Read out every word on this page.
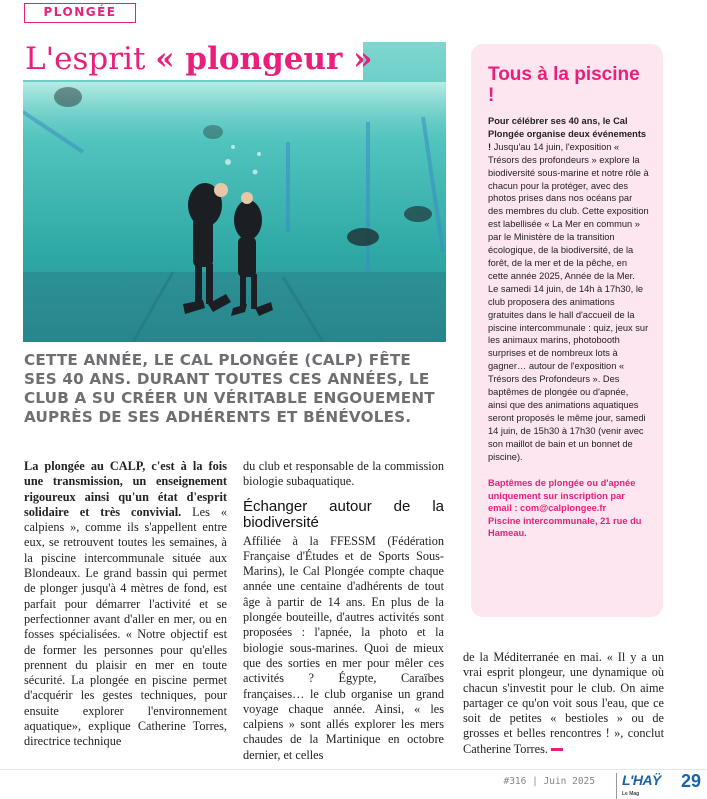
PLONGÉE
L'esprit « plongeur »
CETTE ANNÉE, LE CAL PLONGÉE (CALP) FÊTE SES 40 ANS. DURANT TOUTES CES ANNÉES, LE CLUB A SU CRÉER UN VÉRITABLE ENGOUEMENT AUPRÈS DE SES ADHÉRENTS ET BÉNÉVOLES.
La plongée au CALP, c'est à la fois une transmission, un enseignement rigoureux ainsi qu'un état d'esprit solidaire et très convivial. Les « calpiens », comme ils s'appellent entre eux, se retrouvent toutes les semaines, à la piscine intercommunale située aux Blondeaux. Le grand bassin qui permet de plonger jusqu'à 4 mètres de fond, est parfait pour démarrer l'activité et se perfectionner avant d'aller en mer, ou en fosses spécialisées. « Notre objectif est de former les personnes pour qu'elles prennent du plaisir en mer en toute sécurité. La plongée en piscine permet d'acquérir les gestes techniques, pour ensuite explorer l'environnement aquatique», explique Catherine Torres, directrice technique
du club et responsable de la commission biologie subaquatique.
Échanger autour de la biodiversité
Affiliée à la FFESSM (Fédération Française d'Études et de Sports Sous-Marins), le Cal Plongée compte chaque année une centaine d'adhérents de tout âge à partir de 14 ans. En plus de la plongée bouteille, d'autres activités sont proposées : l'apnée, la photo et la biologie sous-marines. Quoi de mieux que des sorties en mer pour mêler ces activités ? Égypte, Caraïbes françaises… le club organise un grand voyage chaque année. Ainsi, « les calpiens » sont allés explorer les mers chaudes de la Martinique en octobre dernier, et celles
de la Méditerranée en mai. « Il y a un vrai esprit plongeur, une dynamique où chacun s'investit pour le club. On aime partager ce qu'on voit sous l'eau, que ce soit de petites « bestioles » ou de grosses et belles rencontres ! », conclut Catherine Torres.
Tous à la piscine !
Pour célébrer ses 40 ans, le Cal Plongée organise deux événements ! Jusqu'au 14 juin, l'exposition « Trésors des profondeurs » explore la biodiversité sous-marine et notre rôle à chacun pour la protéger, avec des photos prises dans nos océans par des membres du club. Cette exposition est labellisée « La Mer en commun » par le Ministère de la transition écologique, de la biodiversité, de la forêt, de la mer et de la pêche, en cette année 2025, Année de la Mer.
Le samedi 14 juin, de 14h à 17h30, le club proposera des animations gratuites dans le hall d'accueil de la piscine intercommunale : quiz, jeux sur les animaux marins, photobooth surprises et de nombreux lots à gagner… autour de l'exposition « Trésors des Profondeurs ». Des baptêmes de plongée ou d'apnée, ainsi que des animations aquatiques seront proposés le même jour, samedi 14 juin, de 15h30 à 17h30 (venir avec son maillot de bain et un bonnet de piscine).
Baptêmes de plongée ou d'apnée uniquement sur inscription par email : com@calplongee.fr
Piscine intercommunale, 21 rue du Hameau.
#316 | Juin 2025	L'HAŸ
Le Mag
29
